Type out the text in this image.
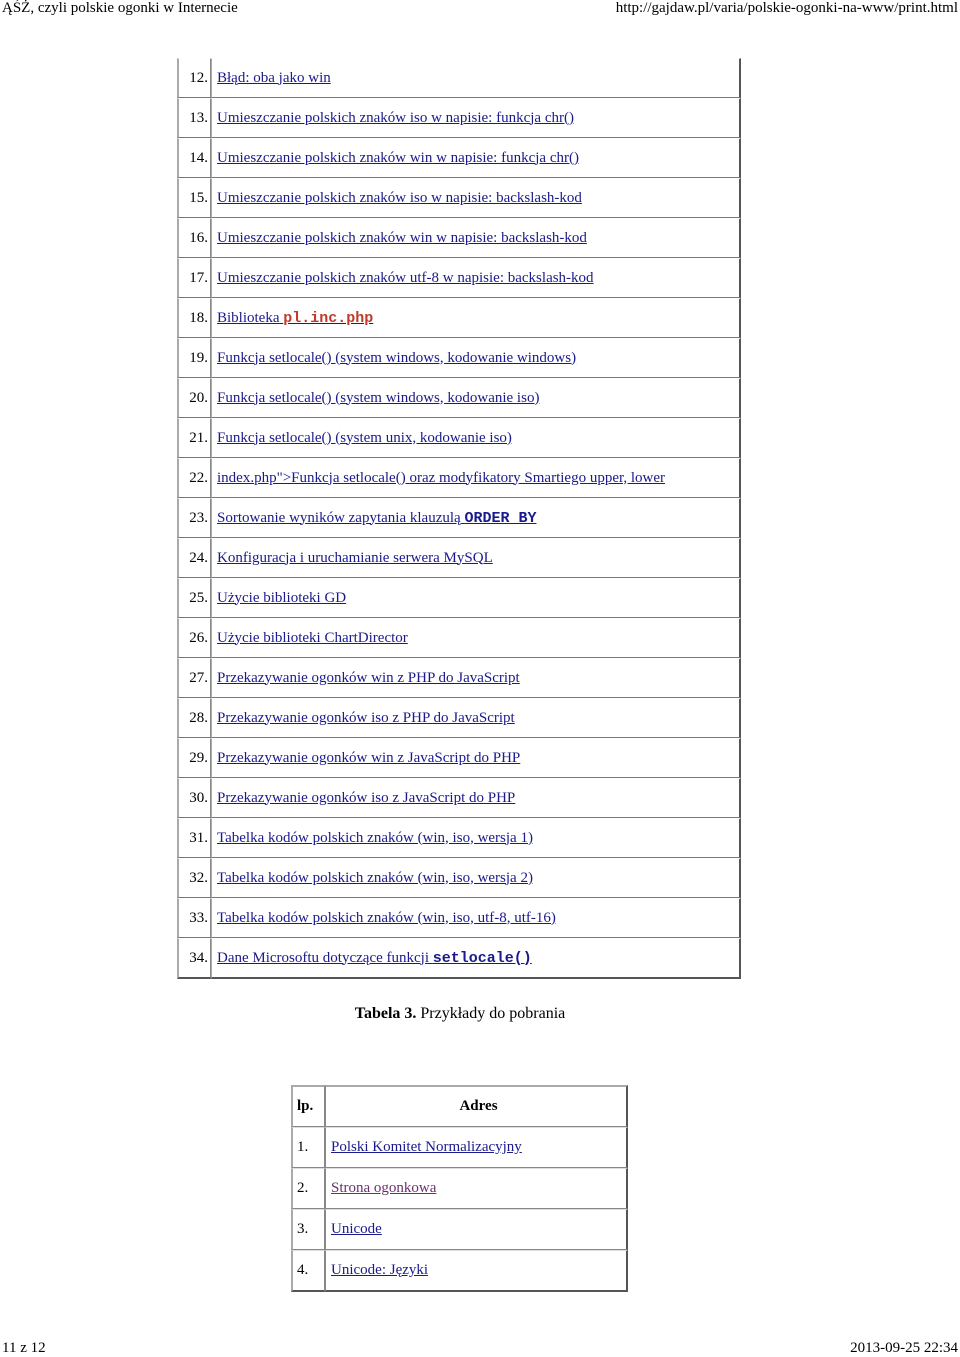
ĄŚŻ, czyli polskie ogonki w Internecie	http://gajdaw.pl/varia/polskie-ogonki-na-www/print.html
12.	Błąd: oba jako win
13.	Umieszczanie polskich znaków iso w napisie: funkcja chr()
14.	Umieszczanie polskich znaków win w napisie: funkcja chr()
15.	Umieszczanie polskich znaków iso w napisie: backslash-kod
16.	Umieszczanie polskich znaków win w napisie: backslash-kod
17.	Umieszczanie polskich znaków utf-8 w napisie: backslash-kod
18.	Biblioteka pl.inc.php
19.	Funkcja setlocale() (system windows, kodowanie windows)
20.	Funkcja setlocale() (system windows, kodowanie iso)
21.	Funkcja setlocale() (system unix, kodowanie iso)
22.	index.php">Funkcja setlocale() oraz modyfikatory Smartiego upper, lower
23.	Sortowanie wyników zapytania klauzulą ORDER BY
24.	Konfiguracja i uruchamianie serwera MySQL
25.	Użycie biblioteki GD
26.	Użycie biblioteki ChartDirector
27.	Przekazywanie ogonków win z PHP do JavaScript
28.	Przekazywanie ogonków iso z PHP do JavaScript
29.	Przekazywanie ogonków win z JavaScript do PHP
30.	Przekazywanie ogonków iso z JavaScript do PHP
31.	Tabelka kodów polskich znaków (win, iso, wersja 1)
32.	Tabelka kodów polskich znaków (win, iso, wersja 2)
33.	Tabelka kodów polskich znaków (win, iso, utf-8, utf-16)
34.	Dane Microsoftu dotyczące funkcji setlocale()
Tabela 3. Przykłady do pobrania
lp.	Adres
1.	Polski Komitet Normalizacyjny
2.	Strona ogonkowa
3.	Unicode
4.	Unicode: Języki
11 z 12	2013-09-25 22:34
